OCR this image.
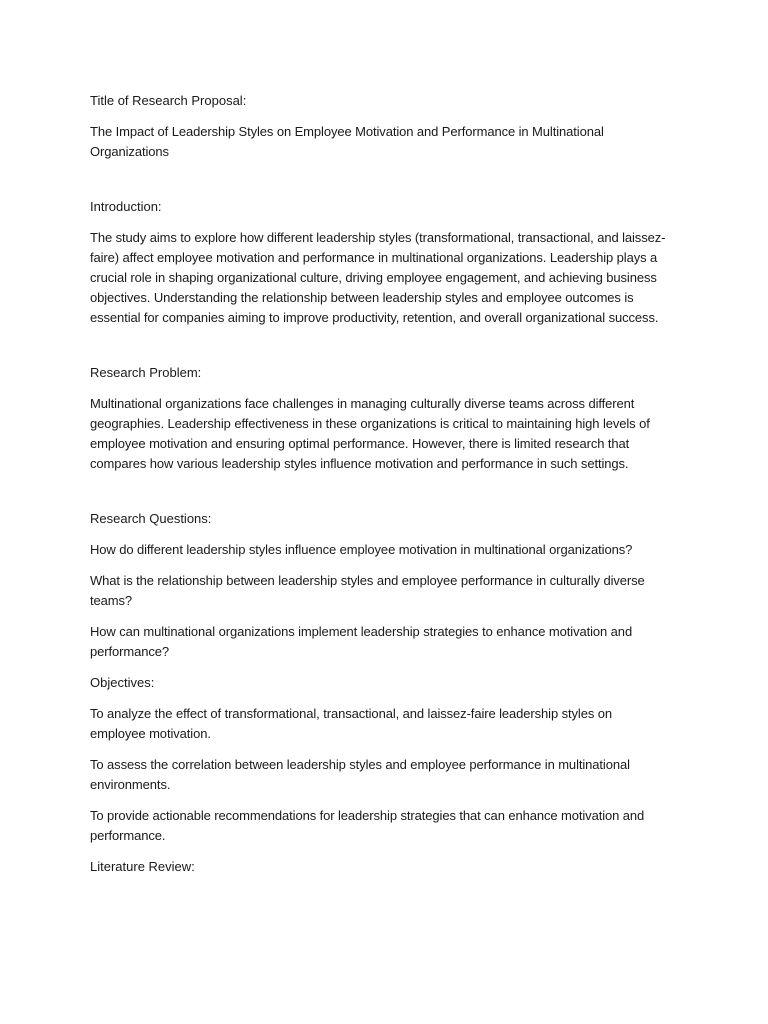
Title of Research Proposal:

The Impact of Leadership Styles on Employee Motivation and Performance in Multinational Organizations

Introduction:

The study aims to explore how different leadership styles (transformational, transactional, and laissez-faire) affect employee motivation and performance in multinational organizations. Leadership plays a crucial role in shaping organizational culture, driving employee engagement, and achieving business objectives. Understanding the relationship between leadership styles and employee outcomes is essential for companies aiming to improve productivity, retention, and overall organizational success.

Research Problem:

Multinational organizations face challenges in managing culturally diverse teams across different geographies. Leadership effectiveness in these organizations is critical to maintaining high levels of employee motivation and ensuring optimal performance. However, there is limited research that compares how various leadership styles influence motivation and performance in such settings.

Research Questions:

How do different leadership styles influence employee motivation in multinational organizations?

What is the relationship between leadership styles and employee performance in culturally diverse teams?

How can multinational organizations implement leadership strategies to enhance motivation and performance?

Objectives:

To analyze the effect of transformational, transactional, and laissez-faire leadership styles on employee motivation.

To assess the correlation between leadership styles and employee performance in multinational environments.

To provide actionable recommendations for leadership strategies that can enhance motivation and performance.

Literature Review:
